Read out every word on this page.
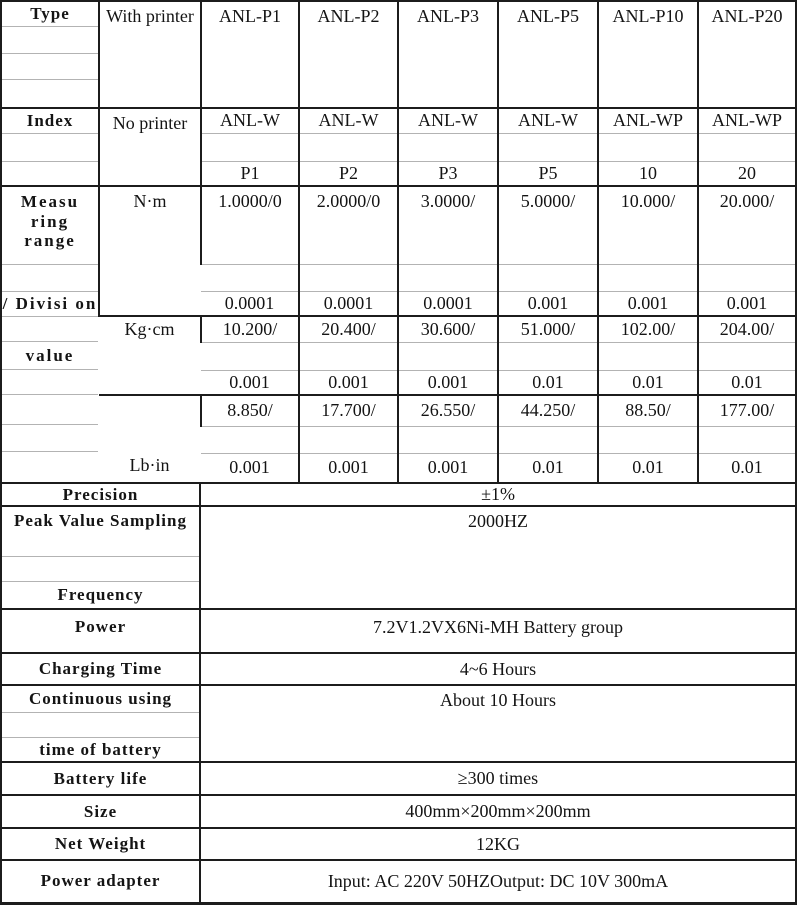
Type	With printer	ANL-P1	ANL-P2	ANL-P3	ANL-P5	ANL-P10	ANL-P20

Index	No printer	ANL-W	ANL-W	ANL-W	ANL-W	ANL-WP	ANL-WP

		P1	P2	P3	P5	10	20

Measu
ring range
/ Divisi on
value	N·m	1.0000/0	2.0000/0	3.0000/	5.0000/	10.000/	20.000/

		0.0001	0.0001	0.0001	0.001	0.001	0.001
	Kg·cm	10.200/	20.400/	30.600/	51.000/	102.00/	204.00/

		0.001	0.001	0.001	0.01	0.01	0.01
	Lb·in	8.850/	17.700/	26.550/	44.250/	88.50/	177.00/

		0.001	0.001	0.001	0.01	0.01	0.01
Precision	±1%

Peak Value Sampling
Frequency	2000HZ
Power	7.2V1.2VX6Ni-MH Battery group
Charging Time	4~6 Hours

Continuous using
time of battery	About 10 Hours
Battery life	≥300 times
Size	400mm×200mm×200mm
Net Weight	12KG
Power adapter	Input: AC 220V 50HZOutput: DC 10V 300mA
